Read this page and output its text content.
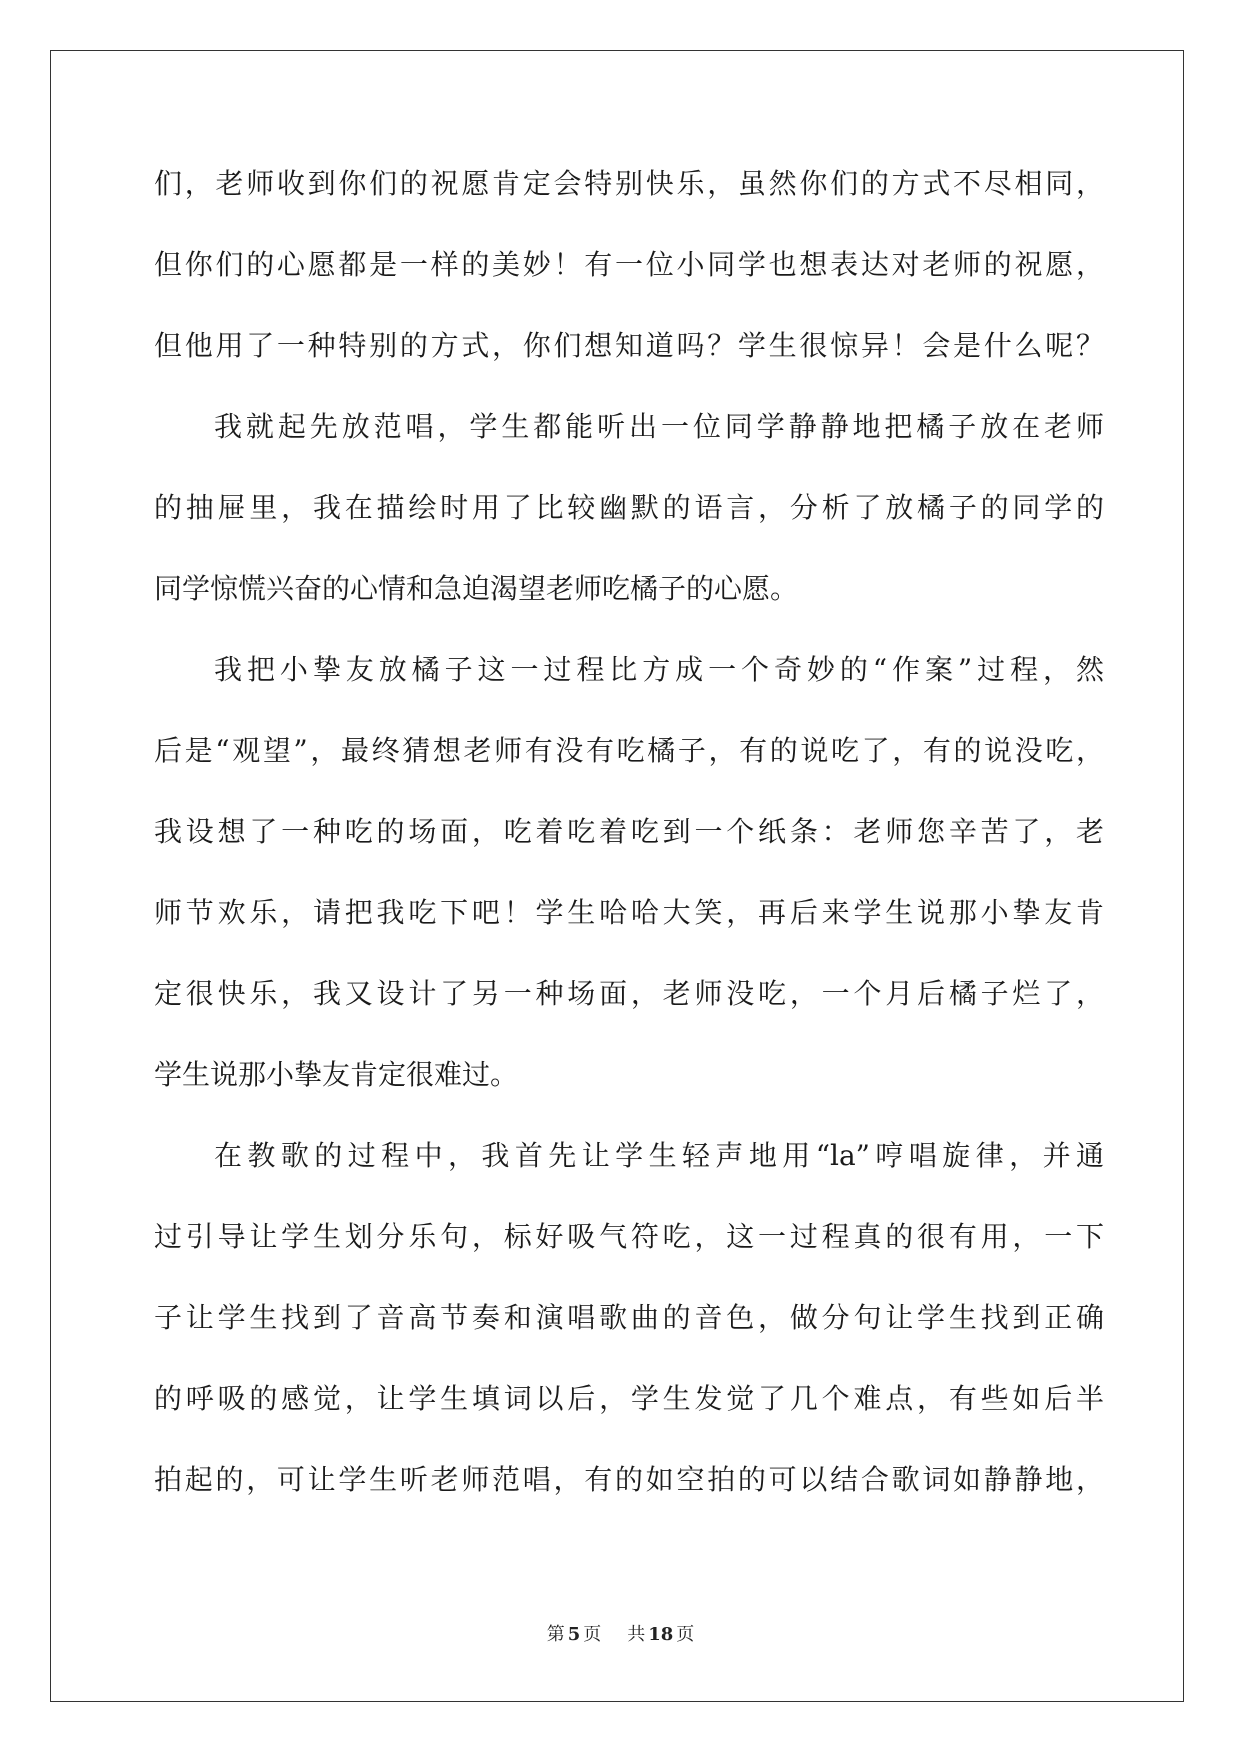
们，老师收到你们的祝愿肯定会特别快乐，虽然你们的方式不尽相同，
但你们的心愿都是一样的美妙！有一位小同学也想表达对老师的祝愿，
但他用了一种特别的方式，你们想知道吗？学生很惊异！会是什么呢？
我就起先放范唱，学生都能听出一位同学静静地把橘子放在老师
的抽屉里，我在描绘时用了比较幽默的语言，分析了放橘子的同学的
同学惊慌兴奋的心情和急迫渴望老师吃橘子的心愿。
我把小挚友放橘子这一过程比方成一个奇妙的“作案”过程，然
后是“观望”，最终猜想老师有没有吃橘子，有的说吃了，有的说没吃，
我设想了一种吃的场面，吃着吃着吃到一个纸条：老师您辛苦了，老
师节欢乐，请把我吃下吧！学生哈哈大笑，再后来学生说那小挚友肯
定很快乐，我又设计了另一种场面，老师没吃，一个月后橘子烂了，
学生说那小挚友肯定很难过。
在教歌的过程中，我首先让学生轻声地用“la”哼唱旋律，并通
过引导让学生划分乐句，标好吸气符吃，这一过程真的很有用，一下
子让学生找到了音高节奏和演唱歌曲的音色，做分句让学生找到正确
的呼吸的感觉，让学生填词以后，学生发觉了几个难点，有些如后半
拍起的，可让学生听老师范唱，有的如空拍的可以结合歌词如静静地，
第 5 页 共 18 页
